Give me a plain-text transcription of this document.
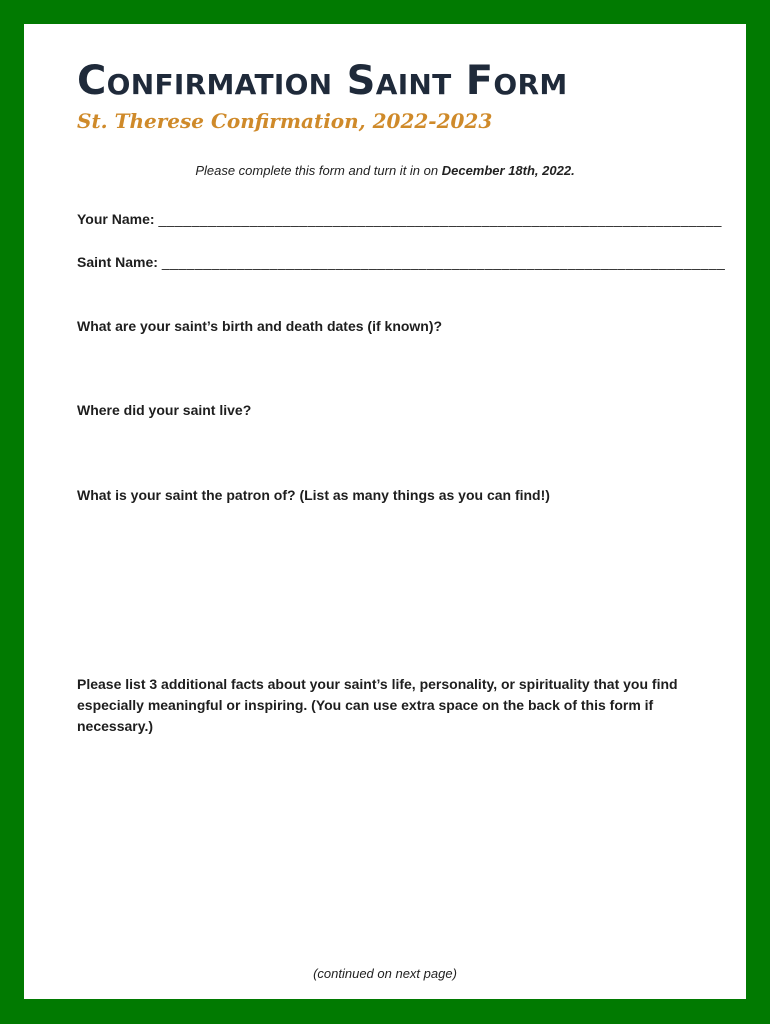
Confirmation Saint Form
St. Therese Confirmation, 2022-2023
Please complete this form and turn it in on December 18th, 2022.
Your Name: ____________________________________________________________________
Saint Name: ____________________________________________________________________
What are your saint’s birth and death dates (if known)?
Where did your saint live?
What is your saint the patron of? (List as many things as you can find!)
Please list 3 additional facts about your saint’s life, personality, or spirituality that you find especially meaningful or inspiring. (You can use extra space on the back of this form if necessary.)
(continued on next page)
